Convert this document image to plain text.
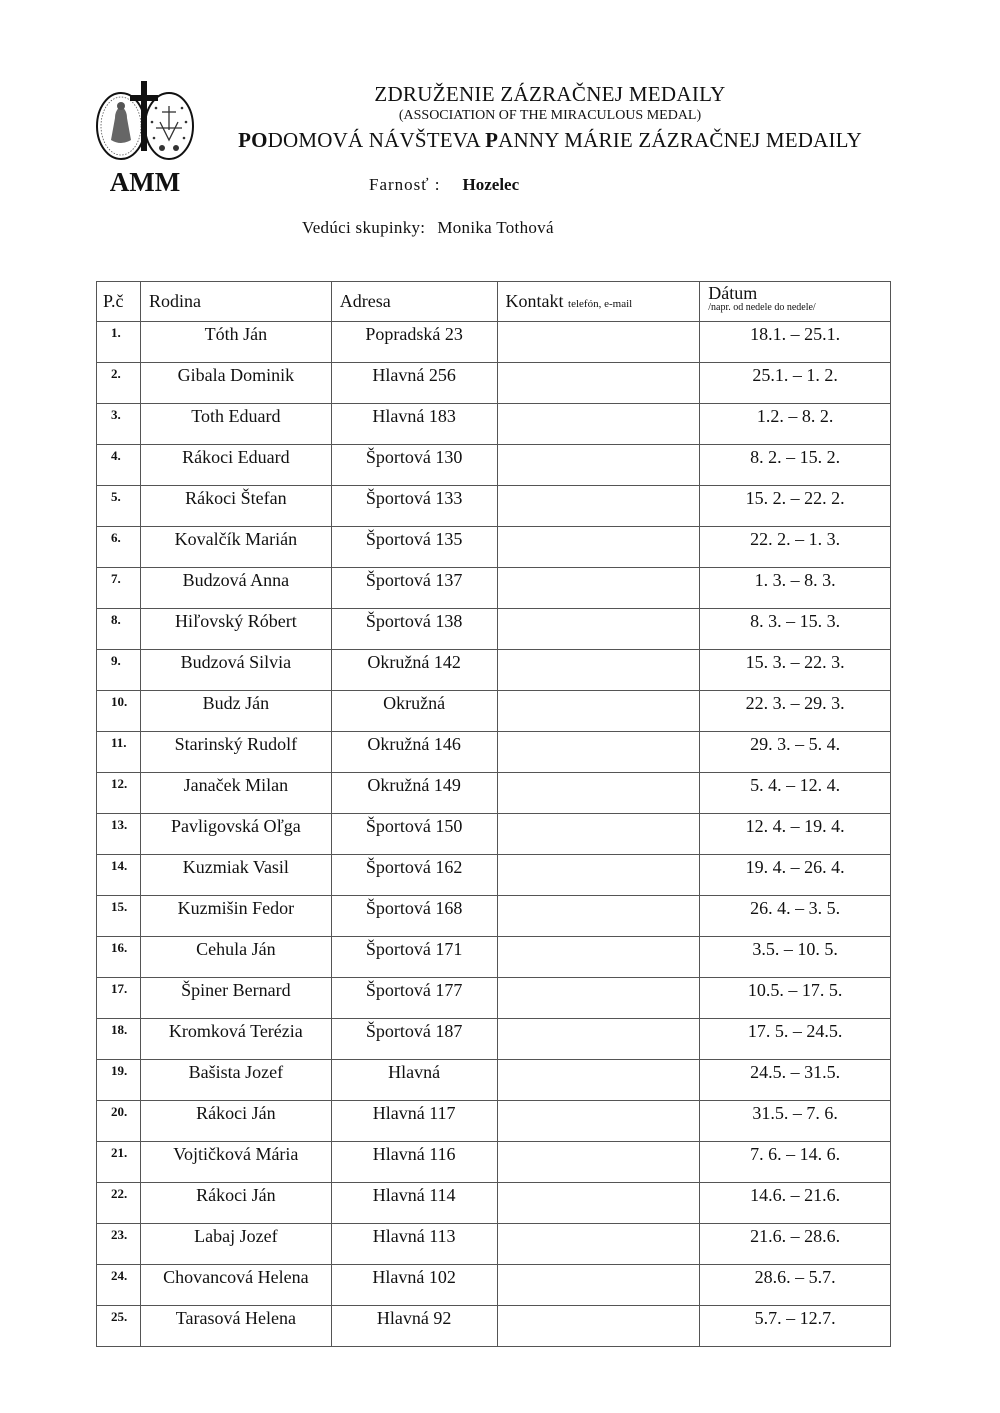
AMM
ZDRUŽENIE ZÁZRAČNEJ MEDAILY
(ASSOCIATION OF THE MIRACULOUS MEDAL)
PODOMOVÁ NÁVŠTEVA PANNY MÁRIE ZÁZRAČNEJ MEDAILY
Farnosť : Hozelec
Vedúci skupinky: Monika Tothová
P.č	Rodina	Adresa	Kontakt telefón, e-mail	Dátum
/napr. od nedele do nedele/

1.	Tóth Ján	Popradská 23		18.1. – 25.1.
2.	Gibala Dominik	Hlavná 256		25.1. – 1. 2.
3.	Toth Eduard	Hlavná 183		1.2. – 8. 2.
4.	Rákoci Eduard	Športová 130		8. 2. – 15. 2.
5.	Rákoci Štefan	Športová 133		15. 2. – 22. 2.
6.	Kovalčík Marián	Športová 135		22. 2. – 1. 3.
7.	Budzová Anna	Športová 137		1. 3. – 8. 3.
8.	Hiľovský Róbert	Športová 138		8. 3. – 15. 3.
9.	Budzová Silvia	Okružná 142		15. 3. – 22. 3.
10.	Budz Ján	Okružná		22. 3. – 29. 3.
11.	Starinský Rudolf	Okružná 146		29. 3. – 5. 4.
12.	Janaček Milan	Okružná 149		5. 4. – 12. 4.
13.	Pavligovská Oľga	Športová 150		12. 4. – 19. 4.
14.	Kuzmiak Vasil	Športová 162		19. 4. – 26. 4.
15.	Kuzmišin Fedor	Športová 168		26. 4. – 3. 5.
16.	Cehula Ján	Športová 171		3.5. – 10. 5.
17.	Špiner Bernard	Športová 177		10.5. – 17. 5.
18.	Kromková Terézia	Športová 187		17. 5. – 24.5.
19.	Bašista Jozef	Hlavná		24.5. – 31.5.
20.	Rákoci Ján	Hlavná 117		31.5. – 7. 6.
21.	Vojtičková Mária	Hlavná 116		7. 6. – 14. 6.
22.	Rákoci Ján	Hlavná 114		14.6. – 21.6.
23.	Labaj Jozef	Hlavná 113		21.6. – 28.6.
24.	Chovancová Helena	Hlavná 102		28.6. – 5.7.
25.	Tarasová Helena	Hlavná 92		5.7. – 12.7.
